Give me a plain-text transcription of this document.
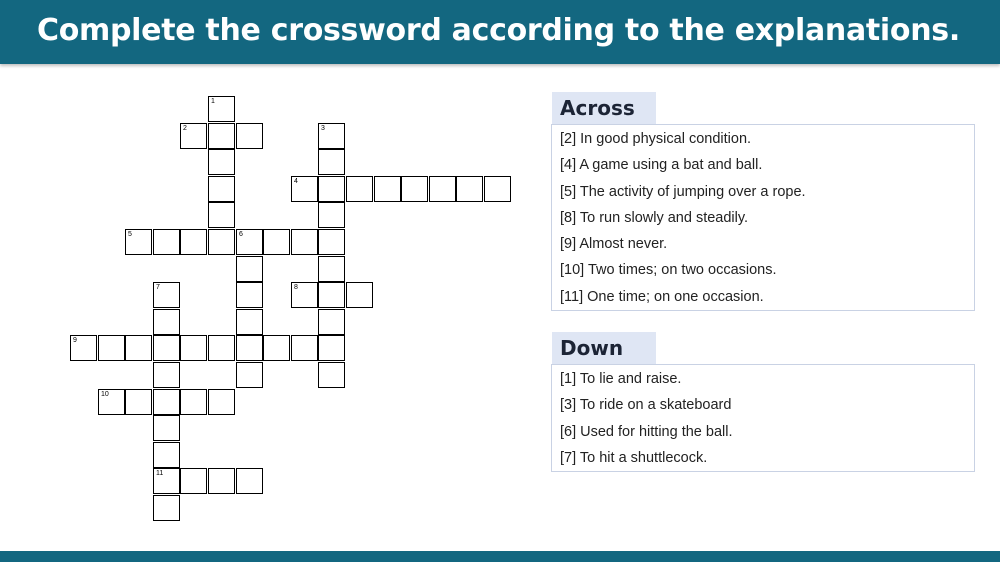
Complete the crossword according to the explanations.
1
2	3
4
5	6
7	8
9
10
11
Across
[2] In good physical condition.
[4] A game using a bat and ball.
[5] The activity of jumping over a rope.
[8] To run slowly and steadily.
[9] Almost never.
[10] Two times; on two occasions.
[11] One time; on one occasion.
Down
[1] To lie and raise.
[3] To ride on a skateboard
[6] Used for hitting the ball.
[7] To hit a shuttlecock.
